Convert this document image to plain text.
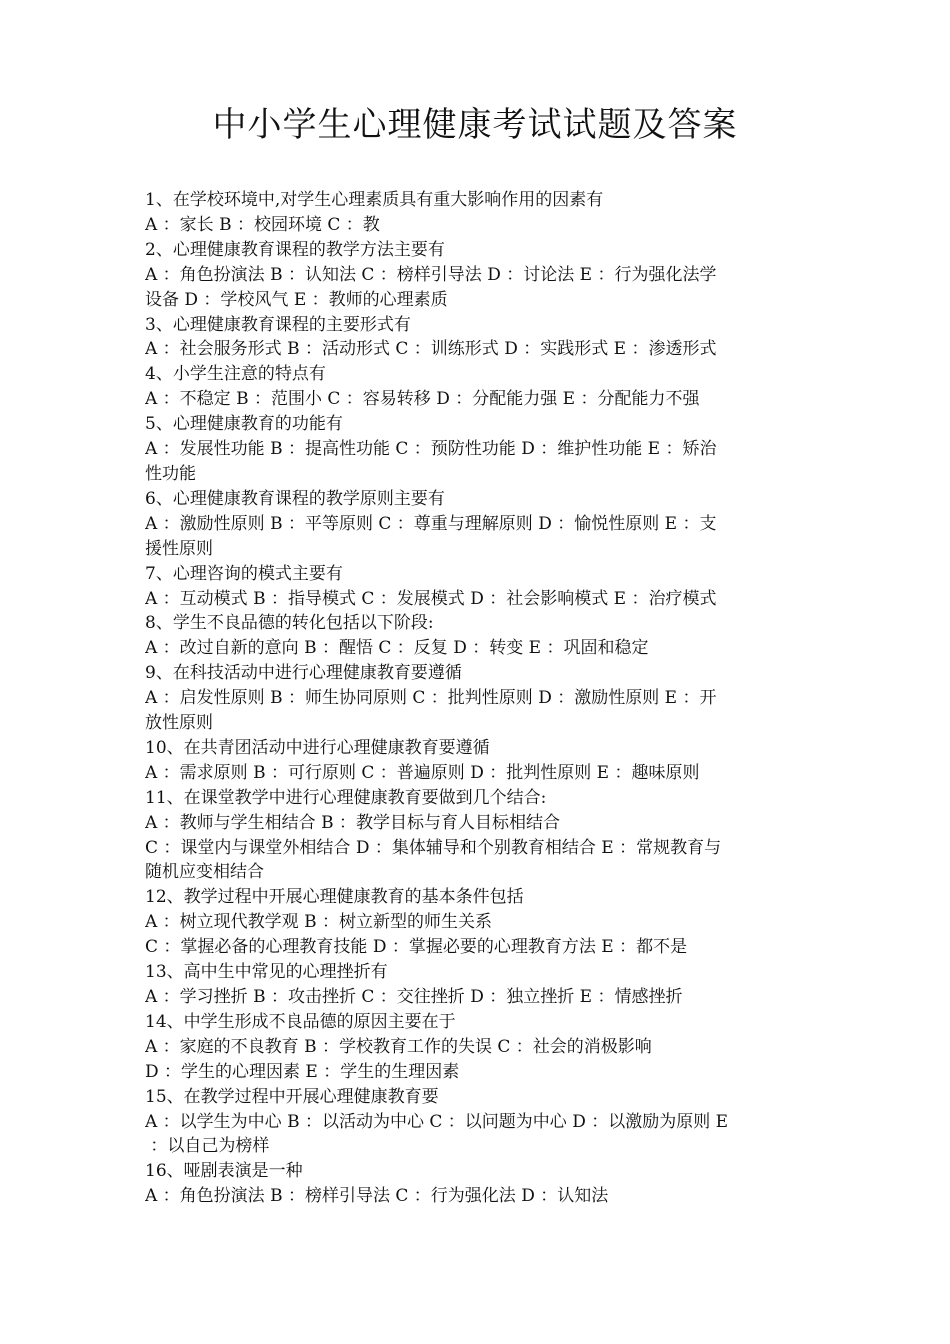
中小学生心理健康考试试题及答案

1、在学校环境中,对学生心理素质具有重大影响作用的因素有

A ：家长 B ：校园环境 C ：教

2、心理健康教育课程的教学方法主要有

A ：角色扮演法 B ：认知法 C ：榜样引导法 D ：讨论法 E ：行为强化法学

设备 D ：学校风气 E ：教师的心理素质

3、心理健康教育课程的主要形式有

A ：社会服务形式 B ：活动形式 C ：训练形式 D ：实践形式 E ：渗透形式

4、小学生注意的特点有

A ：不稳定 B ：范围小 C ：容易转移 D ：分配能力强 E ：分配能力不强

5、心理健康教育的功能有

A ：发展性功能 B ：提高性功能 C ：预防性功能 D ：维护性功能 E ：矫治

性功能

6、心理健康教育课程的教学原则主要有

A ：激励性原则 B ：平等原则 C ：尊重与理解原则 D ：愉悦性原则 E ：支

援性原则

7、心理咨询的模式主要有

A ：互动模式 B ：指导模式 C ：发展模式 D ：社会影响模式 E ：治疗模式

8、学生不良品德的转化包括以下阶段:

A ：改过自新的意向 B ：醒悟 C ：反复 D ：转变 E ：巩固和稳定

9、在科技活动中进行心理健康教育要遵循

A ：启发性原则 B ：师生协同原则 C ：批判性原则 D ：激励性原则 E ：开

放性原则

10、在共青团活动中进行心理健康教育要遵循

A ：需求原则 B ：可行原则 C ：普遍原则 D ：批判性原则 E ：趣味原则

11、在课堂教学中进行心理健康教育要做到几个结合:

A ：教师与学生相结合 B ：教学目标与育人目标相结合

C ：课堂内与课堂外相结合 D ：集体辅导和个别教育相结合 E ：常规教育与

随机应变相结合

12、教学过程中开展心理健康教育的基本条件包括

A ：树立现代教学观 B ：树立新型的师生关系

C ：掌握必备的心理教育技能 D ：掌握必要的心理教育方法 E ：都不是

13、高中生中常见的心理挫折有

A ：学习挫折 B ：攻击挫折 C ：交往挫折 D ：独立挫折 E ：情感挫折

14、中学生形成不良品德的原因主要在于

A ：家庭的不良教育 B ：学校教育工作的失误 C ：社会的消极影响

D ：学生的心理因素 E ：学生的生理因素

15、在教学过程中开展心理健康教育要

A ：以学生为中心 B ：以活动为中心 C ：以问题为中心 D ：以激励为原则 E

：以自己为榜样

16、哑剧表演是一种

A ：角色扮演法 B ：榜样引导法 C ：行为强化法 D ：认知法
